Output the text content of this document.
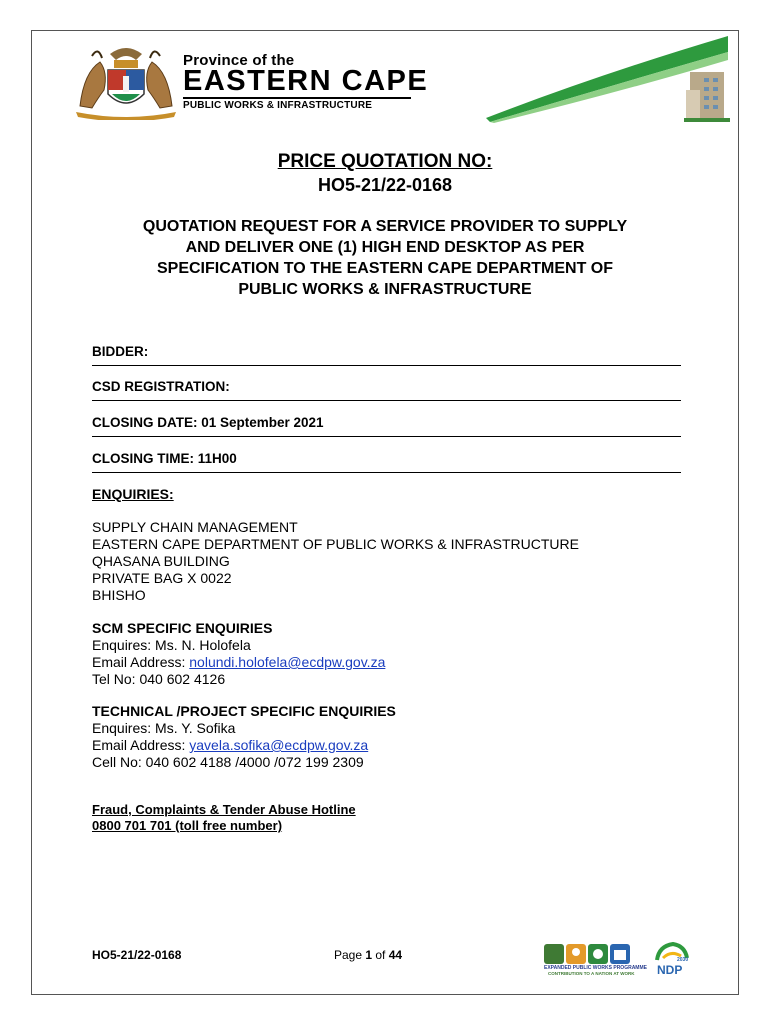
Province of the
EASTERN CAPE
PUBLIC WORKS & INFRASTRUCTURE
PRICE QUOTATION NO:
HO5-21/22-0168
QUOTATION REQUEST FOR A SERVICE PROVIDER TO SUPPLY
AND DELIVER ONE (1) HIGH END DESKTOP AS PER
SPECIFICATION TO THE EASTERN CAPE DEPARTMENT OF
PUBLIC WORKS & INFRASTRUCTURE
BIDDER:
CSD REGISTRATION:
CLOSING DATE: 01 September 2021
CLOSING TIME: 11H00
ENQUIRIES:
SUPPLY CHAIN MANAGEMENT
EASTERN CAPE DEPARTMENT OF PUBLIC WORKS & INFRASTRUCTURE
QHASANA BUILDING
PRIVATE BAG X 0022
BHISHO
SCM SPECIFIC ENQUIRIES
Enquires: Ms. N. Holofela
Email Address: nolundi.holofela@ecdpw.gov.za
Tel No: 040 602 4126
TECHNICAL /PROJECT SPECIFIC ENQUIRIES
Enquires: Ms. Y. Sofika
Email Address: yavela.sofika@ecdpw.gov.za
Cell No: 040 602 4188 /4000 /072 199 2309
Fraud, Complaints & Tender Abuse Hotline
0800 701 701 (toll free number)
HO5-21/22-0168	Page 1 of 44
EXPANDED PUBLIC WORKS PROGRAMME
CONTRIBUTION TO A NATION AT WORK
2030
NDP
